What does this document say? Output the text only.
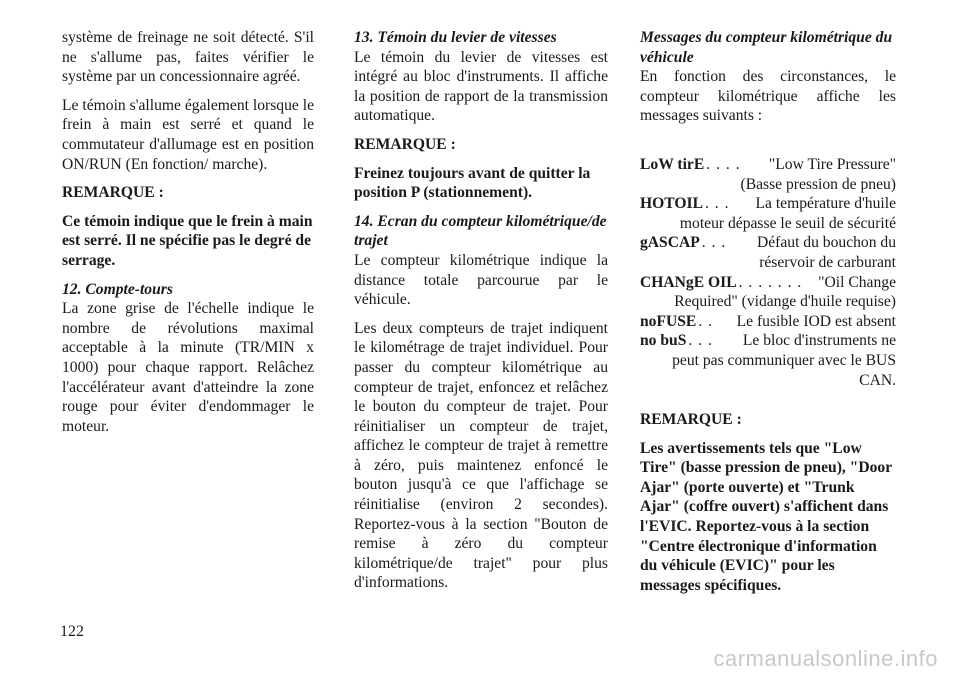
système de freinage ne soit détecté. S'il ne s'allume pas, faites vérifier le système par un concessionnaire agréé.

Le témoin s'allume également lorsque le frein à main est serré et quand le commutateur d'allumage est en position ON/RUN (En fonction/ marche).

REMARQUE :

Ce témoin indique que le frein à main est serré. Il ne spécifie pas le degré de serrage.

12. Compte-tours

La zone grise de l'échelle indique le nombre de révolutions maximal acceptable à la minute (TR/MIN x 1000) pour chaque rapport. Relâchez l'accélérateur avant d'atteindre la zone rouge pour éviter d'endommager le moteur.

13. Témoin du levier de vitesses

Le témoin du levier de vitesses est intégré au bloc d'instruments. Il affiche la position de rapport de la transmission automatique.

REMARQUE :

Freinez toujours avant de quitter la position P (stationnement).

14. Ecran du compteur kilométrique/de trajet

Le compteur kilométrique indique la distance totale parcourue par le véhicule.

Les deux compteurs de trajet indiquent le kilométrage de trajet individuel. Pour passer du compteur kilométrique au compteur de trajet, enfoncez et relâchez le bouton du compteur de trajet. Pour réinitialiser un compteur de trajet, affichez le compteur de trajet à remettre à zéro, puis maintenez enfoncé le bouton jusqu'à ce que l'affichage se réinitialise (environ 2 secondes). Reportez-vous à la section "Bouton de remise à zéro du compteur kilométrique/de trajet" pour plus d'informations.

Messages du compteur kilométrique du véhicule

En fonction des circonstances, le compteur kilométrique affiche les messages suivants :

LoW tirE . . . . "Low Tire Pressure"
(Basse pression de pneu)
HOTOIL . . . La température d'huile
moteur dépasse le seuil de sécurité
gASCAP . . . Défaut du bouchon du
réservoir de carburant
CHANgE OIL . . . . . . . "Oil Change
Required" (vidange d'huile requise)
noFUSE . . Le fusible IOD est absent
no buS . . . Le bloc d'instruments ne
peut pas communiquer avec le BUS CAN.

REMARQUE :

Les avertissements tels que "Low Tire" (basse pression de pneu), "Door Ajar" (porte ouverte) et "Trunk Ajar" (coffre ouvert) s'affichent dans l'EVIC. Reportez-vous à la section "Centre électronique d'information du véhicule (EVIC)" pour les messages spécifiques.

122
carmanualsonline.info
